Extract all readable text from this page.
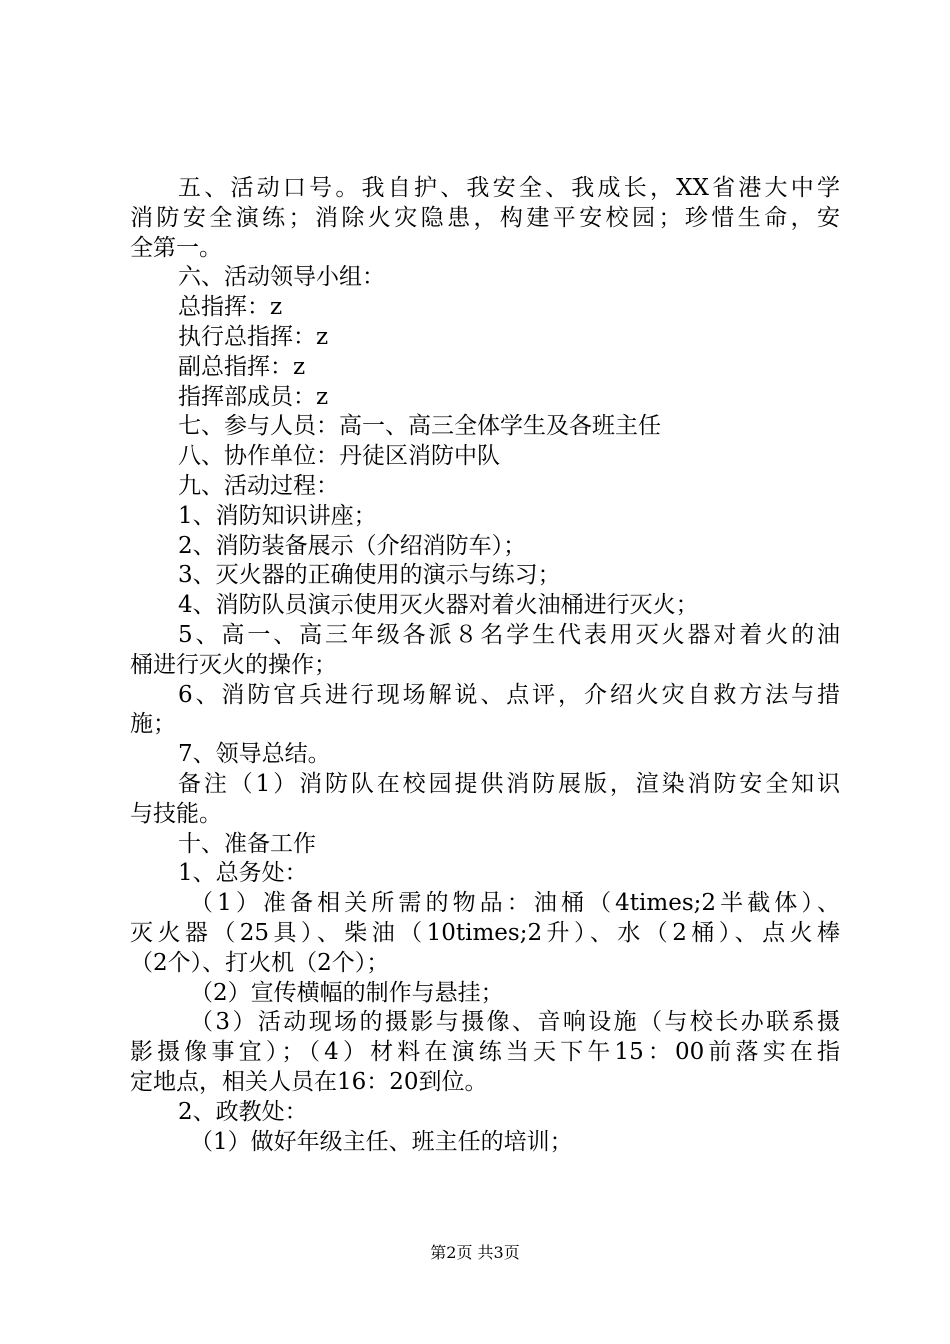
五、活动口号。我自护、我安全、我成长，XX省港大中学
消防安全演练；消除火灾隐患，构建平安校园；珍惜生命，安
全第一。
六、活动领导小组：
总指挥：z
执行总指挥：z
副总指挥：z
指挥部成员：z
七、参与人员：高一、高三全体学生及各班主任
八、协作单位：丹徒区消防中队
九、活动过程：
1、消防知识讲座；
2、消防装备展示（介绍消防车）；
3、灭火器的正确使用的演示与练习；
4、消防队员演示使用灭火器对着火油桶进行灭火；
5、高一、高三年级各派８名学生代表用灭火器对着火的油
桶进行灭火的操作；
6、消防官兵进行现场解说、点评，介绍火灾自救方法与措
施；
7、领导总结。
备注（1）消防队在校园提供消防展版，渲染消防安全知识
与技能。
十、准备工作
1、总务处：
（1）准备相关所需的物品：油桶（4times;2半截体）、
灭火器（25具）、柴油（10times;2升）、水（2桶）、点火棒
（2个）、打火机（2个）；
（2）宣传横幅的制作与悬挂；
（3）活动现场的摄影与摄像、音响设施（与校长办联系摄
影摄像事宜）；（4）材料在演练当天下午15：00前落实在指
定地点，相关人员在16：20到位。
2、政教处：
（1）做好年级主任、班主任的培训；
第2页 共3页
